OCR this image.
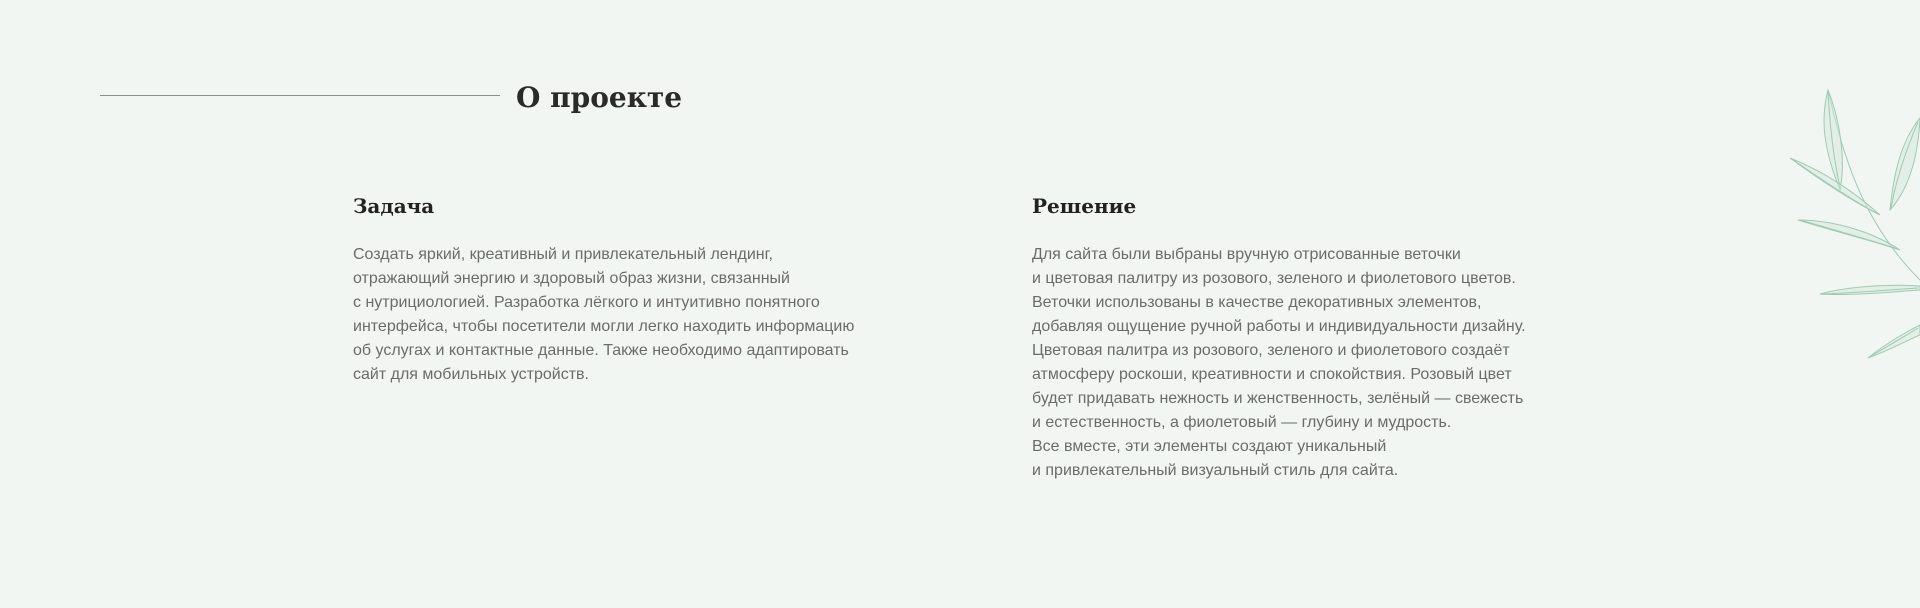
О проекте
Задача
Создать яркий, креативный и привлекательный лендинг,
отражающий энергию и здоровый образ жизни, связанный
с нутрициологией. Разработка лёгкого и интуитивно понятного
интерфейса, чтобы посетители могли легко находить информацию
об услугах и контактные данные. Также необходимо адаптировать
сайт для мобильных устройств.
Решение
Для сайта были выбраны вручную отрисованные веточки
и цветовая палитру из розового, зеленого и фиолетового цветов.
Веточки использованы в качестве декоративных элементов,
добавляя ощущение ручной работы и индивидуальности дизайну.
Цветовая палитра из розового, зеленого и фиолетового создаёт
атмосферу роскоши, креативности и спокойствия. Розовый цвет
будет придавать нежность и женственность, зелёный — свежесть
и естественность, а фиолетовый — глубину и мудрость.
Все вместе, эти элементы создают уникальный
и привлекательный визуальный стиль для сайта.
